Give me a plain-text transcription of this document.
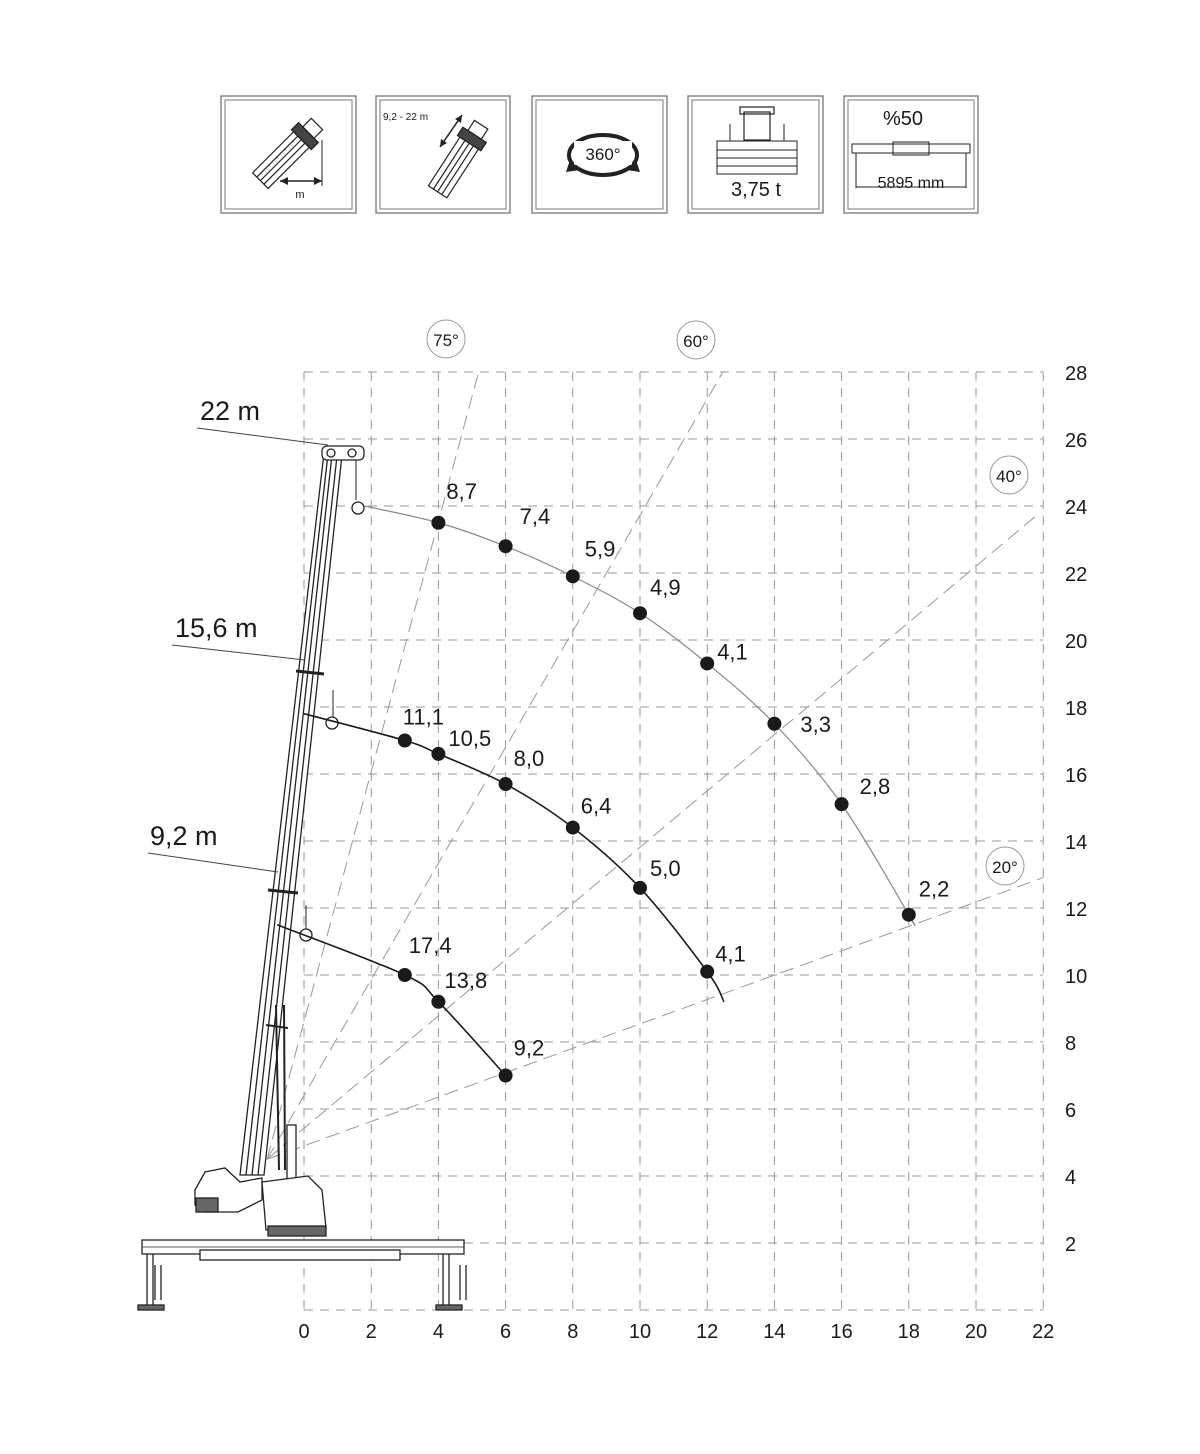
m
9,2 - 22 m
360°
3,75 t
%50
5895 mm
75°	60°
40°
20°
22 m
15,6 m
9,2 m
8,7
7,4
5,9
4,9
4,1
3,3
2,8
2,2
11,1
10,5
8,0
6,4
5,0
4,1
17,4
13,8
9,2
0	2	4	6	8	10 12 14 16 18 20 22
2
4
6
8
10
12
14
16
18
20
22
24
26
28
